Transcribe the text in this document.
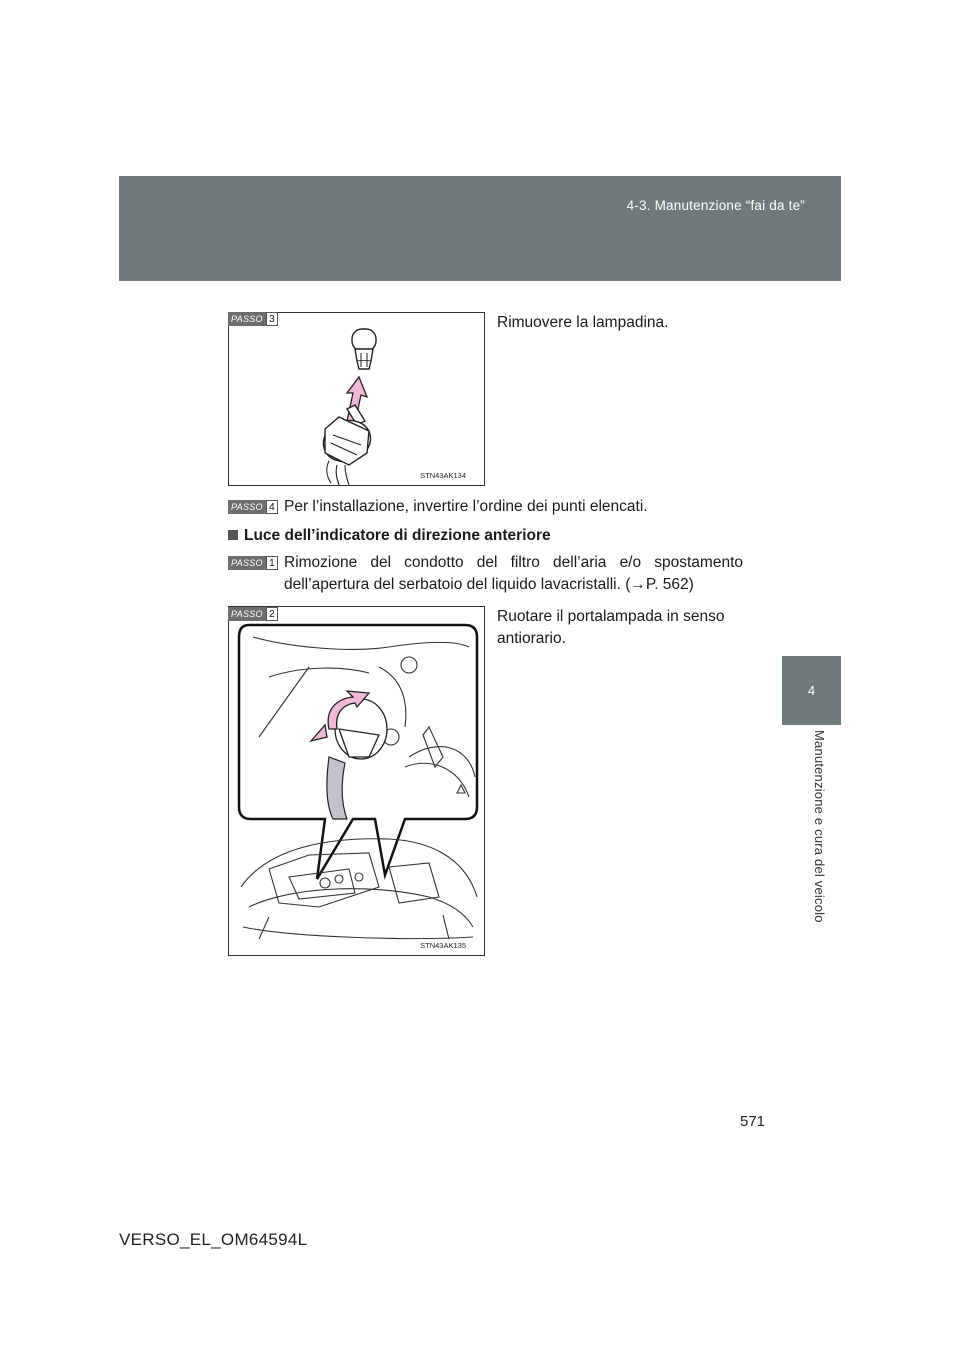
4-3. Manutenzione “fai da te”
4
Manutenzione e cura del veicolo
STN43AK134
PASSO 3	Rimuovere la lampadina.
PASSO 4 Per l’installazione, invertire l’ordine dei punti elencati.
Luce dell’indicatore di direzione anteriore
PASSO 1 Rimozione del condotto del filtro dell’aria e/o spostamento
dell’apertura del serbatoio del liquido lavacristalli. (→P. 562)
STN43AK135
PASSO 2	Ruotare il portalampada in senso
antiorario.
571
VERSO_EL_OM64594L
